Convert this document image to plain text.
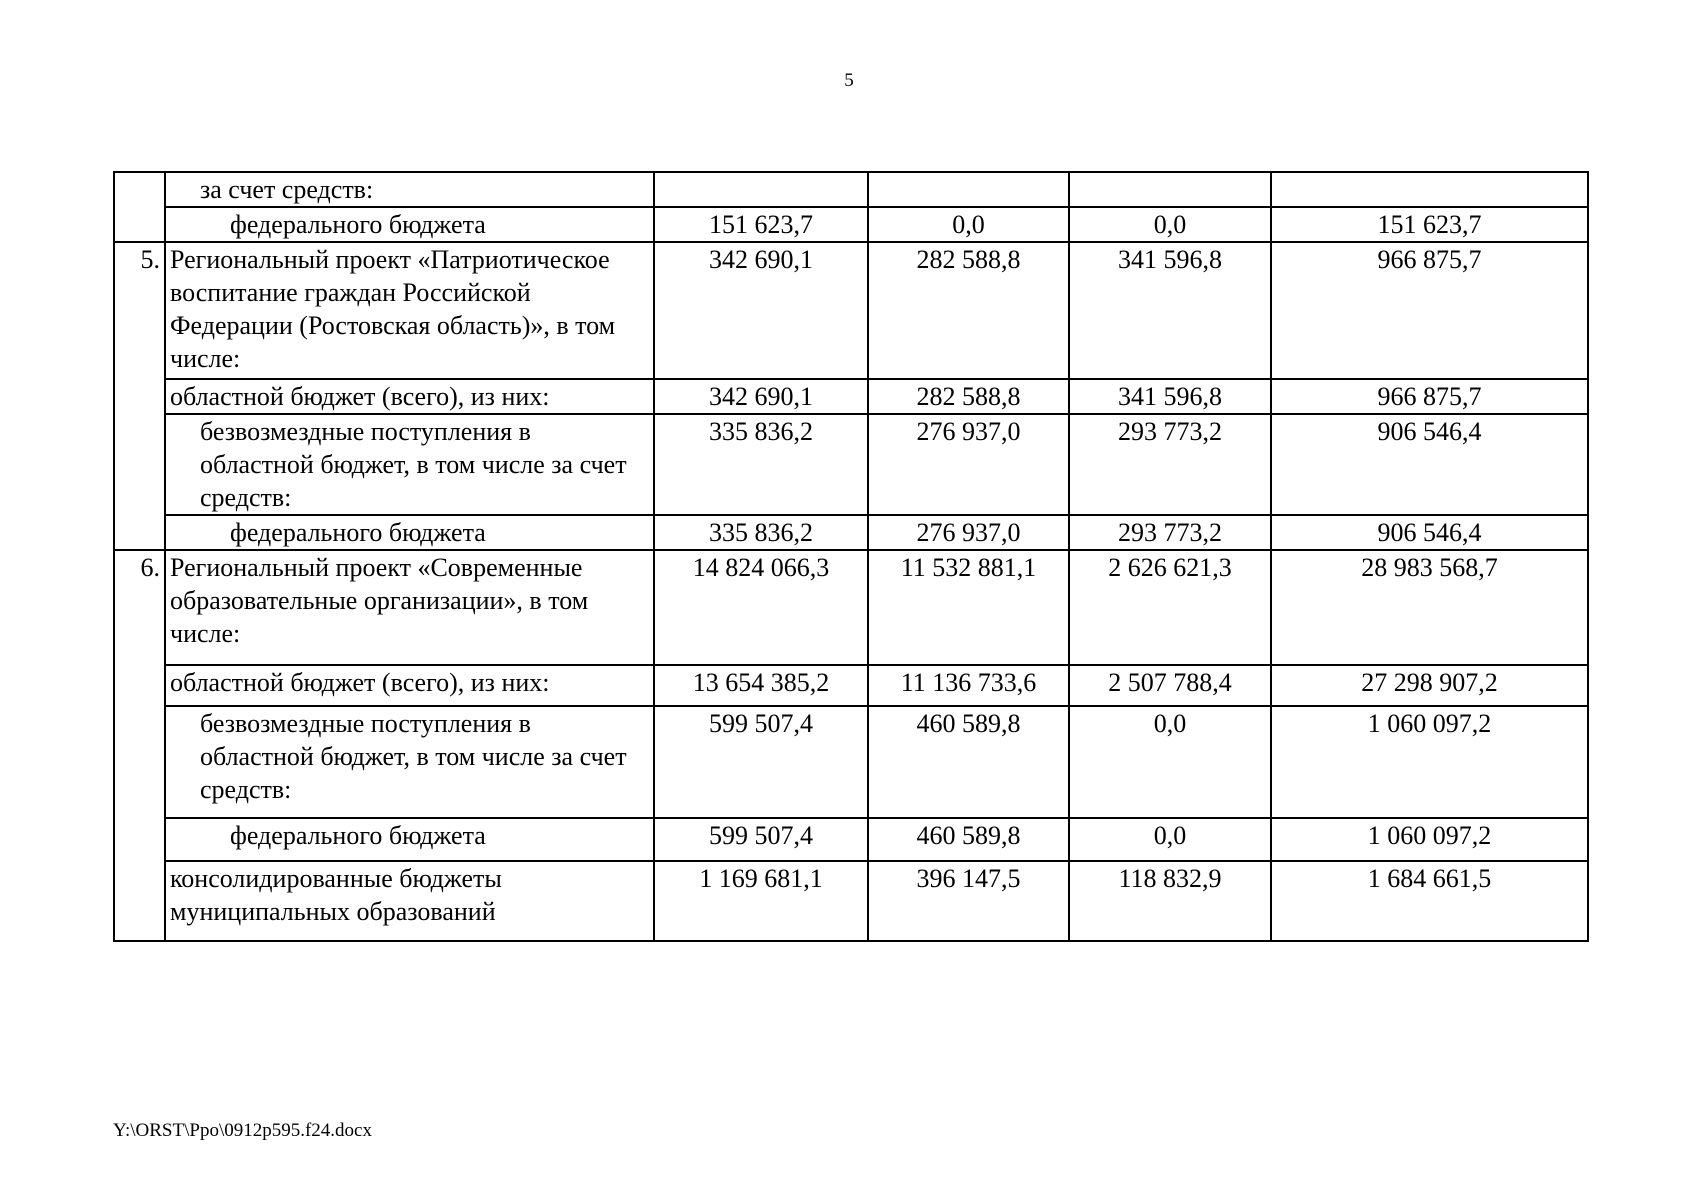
5
	за счет средств:				
	федерального бюджета	151 623,7	0,0	0,0	151 623,7
5.	Региональный проект «Патриотическое воспитание граждан Российской Федерации (Ростовская область)», в том числе:	342 690,1	282 588,8	341 596,8	966 875,7
	областной бюджет (всего), из них:	342 690,1	282 588,8	341 596,8	966 875,7
	безвозмездные поступления в областной бюджет, в том числе за счет средств:	335 836,2	276 937,0	293 773,2	906 546,4
	федерального бюджета	335 836,2	276 937,0	293 773,2	906 546,4
6.	Региональный проект «Современные образовательные организации», в том числе:	14 824 066,3	11 532 881,1	2 626 621,3	28 983 568,7
	областной бюджет (всего), из них:	13 654 385,2	11 136 733,6	2 507 788,4	27 298 907,2
	безвозмездные поступления в областной бюджет, в том числе за счет средств:	599 507,4	460 589,8	0,0	1 060 097,2
	федерального бюджета	599 507,4	460 589,8	0,0	1 060 097,2
	консолидированные бюджеты муниципальных образований	1 169 681,1	396 147,5	118 832,9	1 684 661,5
Y:\ORST\Ppo\0912p595.f24.docx
